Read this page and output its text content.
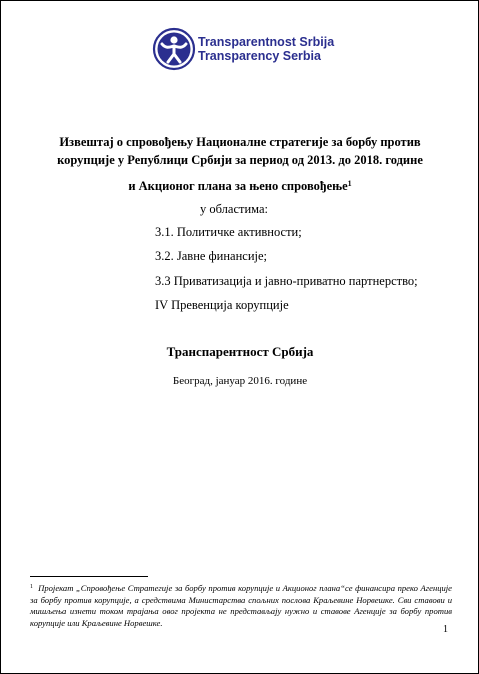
Transparentnost Srbija
Transparency Serbia
Извештај о спровођењу Националне стратегије за борбу против
корупције у Републици Србији за период од 2013. до 2018. године
и Акционог плана за њено спровођење$^1$
у областима:
3.1. Политичке активности;
3.2. Јавне финансије;
3.3 Приватизација и јавно-приватно партнерство;
IV Превенција корупције
Транспарентност Србија
Београд, јануар 2016. године
$^1$ Пројекат „Спровођење Стратегије за борбу против корупције и Акционог плана“се финансира преко Агенције за борбу против корупције, а средствима Министарства спољних послова Краљевине Норвешке. Сви ставови и мишљења изнети током трајања овог пројекта не представљају нужно и ставове Агенције за борбу против корупције или Краљевине Норвешке.
1
